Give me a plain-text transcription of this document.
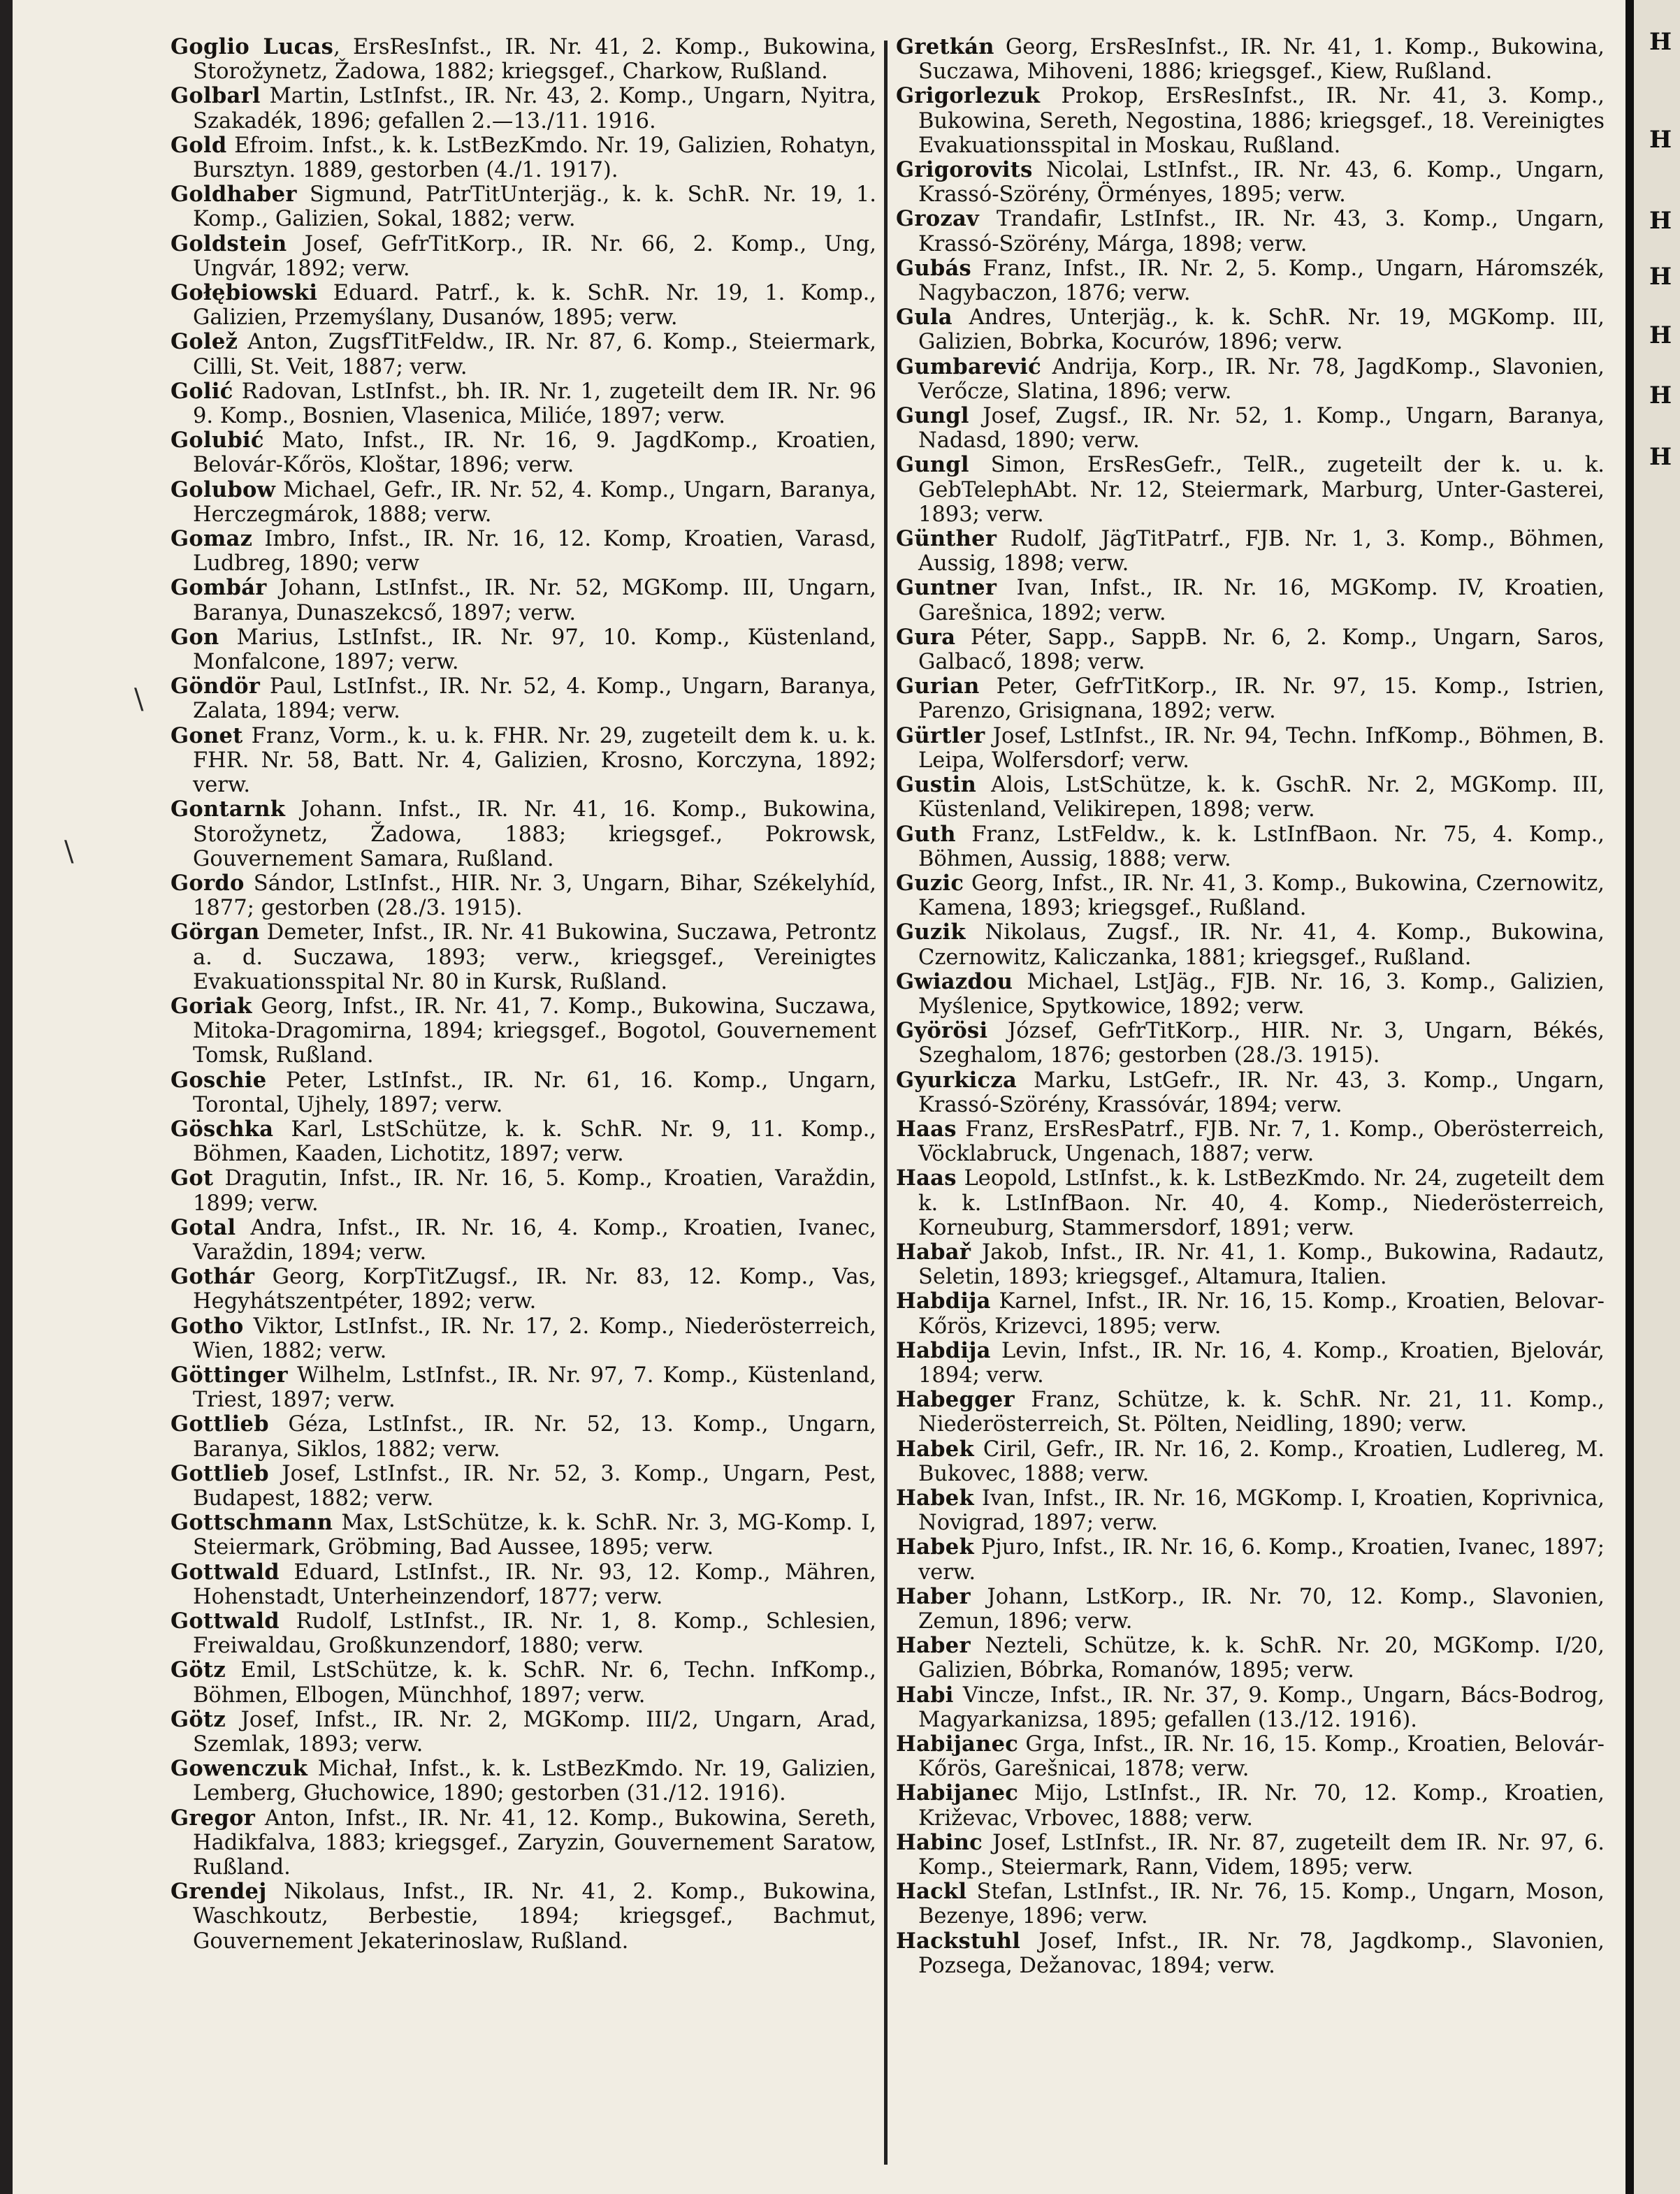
\
\
Goglio Lucas, ErsResInfst., IR. Nr. 41, 2. Komp., Bukowina, Storožynetz, Žadowa, 1882; kriegsgef., Charkow, Rußland.
Golbarl Martin, LstInfst., IR. Nr. 43, 2. Komp., Ungarn, Nyitra, Szakadék, 1896; gefallen 2.—13./11. 1916.
Gold Efroim. Infst., k. k. LstBezKmdo. Nr. 19, Galizien, Rohatyn, Bursztyn. 1889, gestorben (4./1. 1917).
Goldhaber Sigmund, PatrTitUnterjäg., k. k. SchR. Nr. 19, 1. Komp., Galizien, Sokal, 1882; verw.
Goldstein Josef, GefrTitKorp., IR. Nr. 66, 2. Komp., Ung, Ungvár, 1892; verw.
Gołębiowski Eduard. Patrf., k. k. SchR. Nr. 19, 1. Komp., Galizien, Przemyślany, Dusanów, 1895; verw.
Golež Anton, ZugsfTitFeldw., IR. Nr. 87, 6. Komp., Steiermark, Cilli, St. Veit, 1887; verw.
Golić Radovan, LstInfst., bh. IR. Nr. 1, zugeteilt dem IR. Nr. 96 9. Komp., Bosnien, Vlasenica, Miliće, 1897; verw.
Golubić Mato, Infst., IR. Nr. 16, 9. JagdKomp., Kroatien, Belovár-Kőrös, Kloštar, 1896; verw.
Golubow Michael, Gefr., IR. Nr. 52, 4. Komp., Ungarn, Baranya, Herczegmárok, 1888; verw.
Gomaz Imbro, Infst., IR. Nr. 16, 12. Komp, Kroatien, Varasd, Ludbreg, 1890; verw
Gombár Johann, LstInfst., IR. Nr. 52, MGKomp. III, Ungarn, Baranya, Dunaszekcső, 1897; verw.
Gon Marius, LstInfst., IR. Nr. 97, 10. Komp., Küstenland, Monfalcone, 1897; verw.
Göndör Paul, LstInfst., IR. Nr. 52, 4. Komp., Ungarn, Baranya, Zalata, 1894; verw.
Gonet Franz, Vorm., k. u. k. FHR. Nr. 29, zugeteilt dem k. u. k. FHR. Nr. 58, Batt. Nr. 4, Galizien, Krosno, Korczyna, 1892; verw.
Gontarnk Johann. Infst., IR. Nr. 41, 16. Komp., Bukowina, Storožynetz, Žadowa, 1883; kriegsgef., Pokrowsk, Gouvernement Samara, Rußland.
Gordo Sándor, LstInfst., HIR. Nr. 3, Ungarn, Bihar, Székelyhíd, 1877; gestorben (28./3. 1915).
Görgan Demeter, Infst., IR. Nr. 41 Bukowina, Suczawa, Petrontz a. d. Suczawa, 1893; verw., kriegsgef., Vereinigtes Evakuationsspital Nr. 80 in Kursk, Rußland.
Goriak Georg, Infst., IR. Nr. 41, 7. Komp., Bukowina, Suczawa, Mitoka-Dragomirna, 1894; kriegsgef., Bogotol, Gouvernement Tomsk, Rußland.
Goschie Peter, LstInfst., IR. Nr. 61, 16. Komp., Ungarn, Torontal, Ujhely, 1897; verw.
Göschka Karl, LstSchütze, k. k. SchR. Nr. 9, 11. Komp., Böhmen, Kaaden, Lichotitz, 1897; verw.
Got Dragutin, Infst., IR. Nr. 16, 5. Komp., Kroatien, Varaždin, 1899; verw.
Gotal Andra, Infst., IR. Nr. 16, 4. Komp., Kroatien, Ivanec, Varaždin, 1894; verw.
Gothár Georg, KorpTitZugsf., IR. Nr. 83, 12. Komp., Vas, Hegyhátszentpéter, 1892; verw.
Gotho Viktor, LstInfst., IR. Nr. 17, 2. Komp., Niederösterreich, Wien, 1882; verw.
Göttinger Wilhelm, LstInfst., IR. Nr. 97, 7. Komp., Küstenland, Triest, 1897; verw.
Gottlieb Géza, LstInfst., IR. Nr. 52, 13. Komp., Ungarn, Baranya, Siklos, 1882; verw.
Gottlieb Josef, LstInfst., IR. Nr. 52, 3. Komp., Ungarn, Pest, Budapest, 1882; verw.
Gottschmann Max, LstSchütze, k. k. SchR. Nr. 3, MG-Komp. I, Steiermark, Gröbming, Bad Aussee, 1895; verw.
Gottwald Eduard, LstInfst., IR. Nr. 93, 12. Komp., Mähren, Hohenstadt, Unterheinzendorf, 1877; verw.
Gottwald Rudolf, LstInfst., IR. Nr. 1, 8. Komp., Schlesien, Freiwaldau, Großkunzendorf, 1880; verw.
Götz Emil, LstSchütze, k. k. SchR. Nr. 6, Techn. InfKomp., Böhmen, Elbogen, Münchhof, 1897; verw.
Götz Josef, Infst., IR. Nr. 2, MGKomp. III/2, Ungarn, Arad, Szemlak, 1893; verw.
Gowenczuk Michał, Infst., k. k. LstBezKmdo. Nr. 19, Galizien, Lemberg, Głuchowice, 1890; gestorben (31./12. 1916).
Gregor Anton, Infst., IR. Nr. 41, 12. Komp., Bukowina, Sereth, Hadikfalva, 1883; kriegsgef., Zaryzin, Gouvernement Saratow, Rußland.
Grendej Nikolaus, Infst., IR. Nr. 41, 2. Komp., Bukowina, Waschkoutz, Berbestie, 1894; kriegsgef., Bachmut, Gouvernement Jekaterinoslaw, Rußland.
Gretkán Georg, ErsResInfst., IR. Nr. 41, 1. Komp., Bukowina, Suczawa, Mihoveni, 1886; kriegsgef., Kiew, Rußland.
Grigorlezuk Prokop, ErsResInfst., IR. Nr. 41, 3. Komp., Bukowina, Sereth, Negostina, 1886; kriegsgef., 18. Vereinigtes Evakuationsspital in Moskau, Rußland.
Grigorovits Nicolai, LstInfst., IR. Nr. 43, 6. Komp., Ungarn, Krassó-Szörény, Örményes, 1895; verw.
Grozav Trandafir, LstInfst., IR. Nr. 43, 3. Komp., Ungarn, Krassó-Szörény, Márga, 1898; verw.
Gubás Franz, Infst., IR. Nr. 2, 5. Komp., Ungarn, Háromszék, Nagybaczon, 1876; verw.
Gula Andres, Unterjäg., k. k. SchR. Nr. 19, MGKomp. III, Galizien, Bobrka, Kocurów, 1896; verw.
Gumbarević Andrija, Korp., IR. Nr. 78, JagdKomp., Slavonien, Verőcze, Slatina, 1896; verw.
Gungl Josef, Zugsf., IR. Nr. 52, 1. Komp., Ungarn, Baranya, Nadasd, 1890; verw.
Gungl Simon, ErsResGefr., TelR., zugeteilt der k. u. k. GebTelephAbt. Nr. 12, Steiermark, Marburg, Unter-Gasterei, 1893; verw.
Günther Rudolf, JägTitPatrf., FJB. Nr. 1, 3. Komp., Böhmen, Aussig, 1898; verw.
Guntner Ivan, Infst., IR. Nr. 16, MGKomp. IV, Kroatien, Garešnica, 1892; verw.
Gura Péter, Sapp., SappB. Nr. 6, 2. Komp., Ungarn, Saros, Galbacő, 1898; verw.
Gurian Peter, GefrTitKorp., IR. Nr. 97, 15. Komp., Istrien, Parenzo, Grisignana, 1892; verw.
Gürtler Josef, LstInfst., IR. Nr. 94, Techn. InfKomp., Böhmen, B. Leipa, Wolfersdorf; verw.
Gustin Alois, LstSchütze, k. k. GschR. Nr. 2, MGKomp. III, Küstenland, Velikirepen, 1898; verw.
Guth Franz, LstFeldw., k. k. LstInfBaon. Nr. 75, 4. Komp., Böhmen, Aussig, 1888; verw.
Guzic Georg, Infst., IR. Nr. 41, 3. Komp., Bukowina, Czernowitz, Kamena, 1893; kriegsgef., Rußland.
Guzik Nikolaus, Zugsf., IR. Nr. 41, 4. Komp., Bukowina, Czernowitz, Kaliczanka, 1881; kriegsgef., Rußland.
Gwiazdou Michael, LstJäg., FJB. Nr. 16, 3. Komp., Galizien, Myślenice, Spytkowice, 1892; verw.
Györösi József, GefrTitKorp., HIR. Nr. 3, Ungarn, Békés, Szeghalom, 1876; gestorben (28./3. 1915).
Gyurkicza Marku, LstGefr., IR. Nr. 43, 3. Komp., Ungarn, Krassó-Szörény, Krassóvár, 1894; verw.
Haas Franz, ErsResPatrf., FJB. Nr. 7, 1. Komp., Oberösterreich, Vöcklabruck, Ungenach, 1887; verw.
Haas Leopold, LstInfst., k. k. LstBezKmdo. Nr. 24, zugeteilt dem k. k. LstInfBaon. Nr. 40, 4. Komp., Niederösterreich, Korneuburg, Stammersdorf, 1891; verw.
Habař Jakob, Infst., IR. Nr. 41, 1. Komp., Bukowina, Radautz, Seletin, 1893; kriegsgef., Altamura, Italien.
Habdija Karnel, Infst., IR. Nr. 16, 15. Komp., Kroatien, Belovar-Kőrös, Krizevci, 1895; verw.
Habdija Levin, Infst., IR. Nr. 16, 4. Komp., Kroatien, Bjelovár, 1894; verw.
Habegger Franz, Schütze, k. k. SchR. Nr. 21, 11. Komp., Niederösterreich, St. Pölten, Neidling, 1890; verw.
Habek Ciril, Gefr., IR. Nr. 16, 2. Komp., Kroatien, Ludlereg, M. Bukovec, 1888; verw.
Habek Ivan, Infst., IR. Nr. 16, MGKomp. I, Kroatien, Koprivnica, Novigrad, 1897; verw.
Habek Pjuro, Infst., IR. Nr. 16, 6. Komp., Kroatien, Ivanec, 1897; verw.
Haber Johann, LstKorp., IR. Nr. 70, 12. Komp., Slavonien, Zemun, 1896; verw.
Haber Nezteli, Schütze, k. k. SchR. Nr. 20, MGKomp. I/20, Galizien, Bóbrka, Romanów, 1895; verw.
Habi Vincze, Infst., IR. Nr. 37, 9. Komp., Ungarn, Bács-Bodrog, Magyarkanizsa, 1895; gefallen (13./12. 1916).
Habijanec Grga, Infst., IR. Nr. 16, 15. Komp., Kroatien, Belovár-Kőrös, Garešnicai, 1878; verw.
Habijanec Mijo, LstInfst., IR. Nr. 70, 12. Komp., Kroatien, Križevac, Vrbovec, 1888; verw.
Habinc Josef, LstInfst., IR. Nr. 87, zugeteilt dem IR. Nr. 97, 6. Komp., Steiermark, Rann, Videm, 1895; verw.
Hackl Stefan, LstInfst., IR. Nr. 76, 15. Komp., Ungarn, Moson, Bezenye, 1896; verw.
Hackstuhl Josef, Infst., IR. Nr. 78, Jagdkomp., Slavonien, Pozsega, Dežanovac, 1894; verw.
H
H
H
H
H
H
H
